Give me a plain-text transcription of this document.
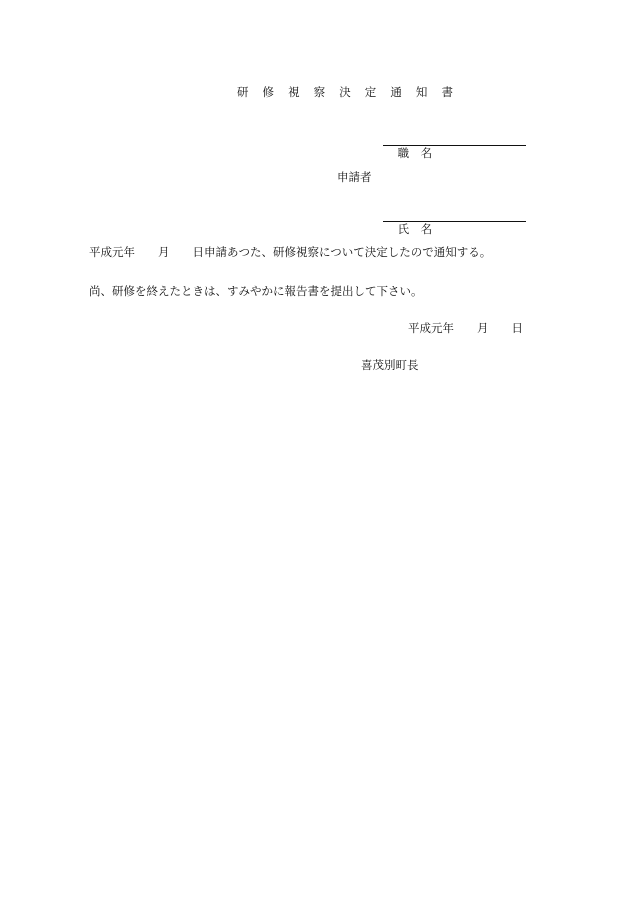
研 修 視 察 決 定 通 知 書

職　名

申請者

氏　名

平成元年　　月　　日申請あつた、研修視察について決定したので通知する。
尚、研修を終えたときは、すみやかに報告書を提出して下さい。
平成元年　　月　　日
喜茂別町長
